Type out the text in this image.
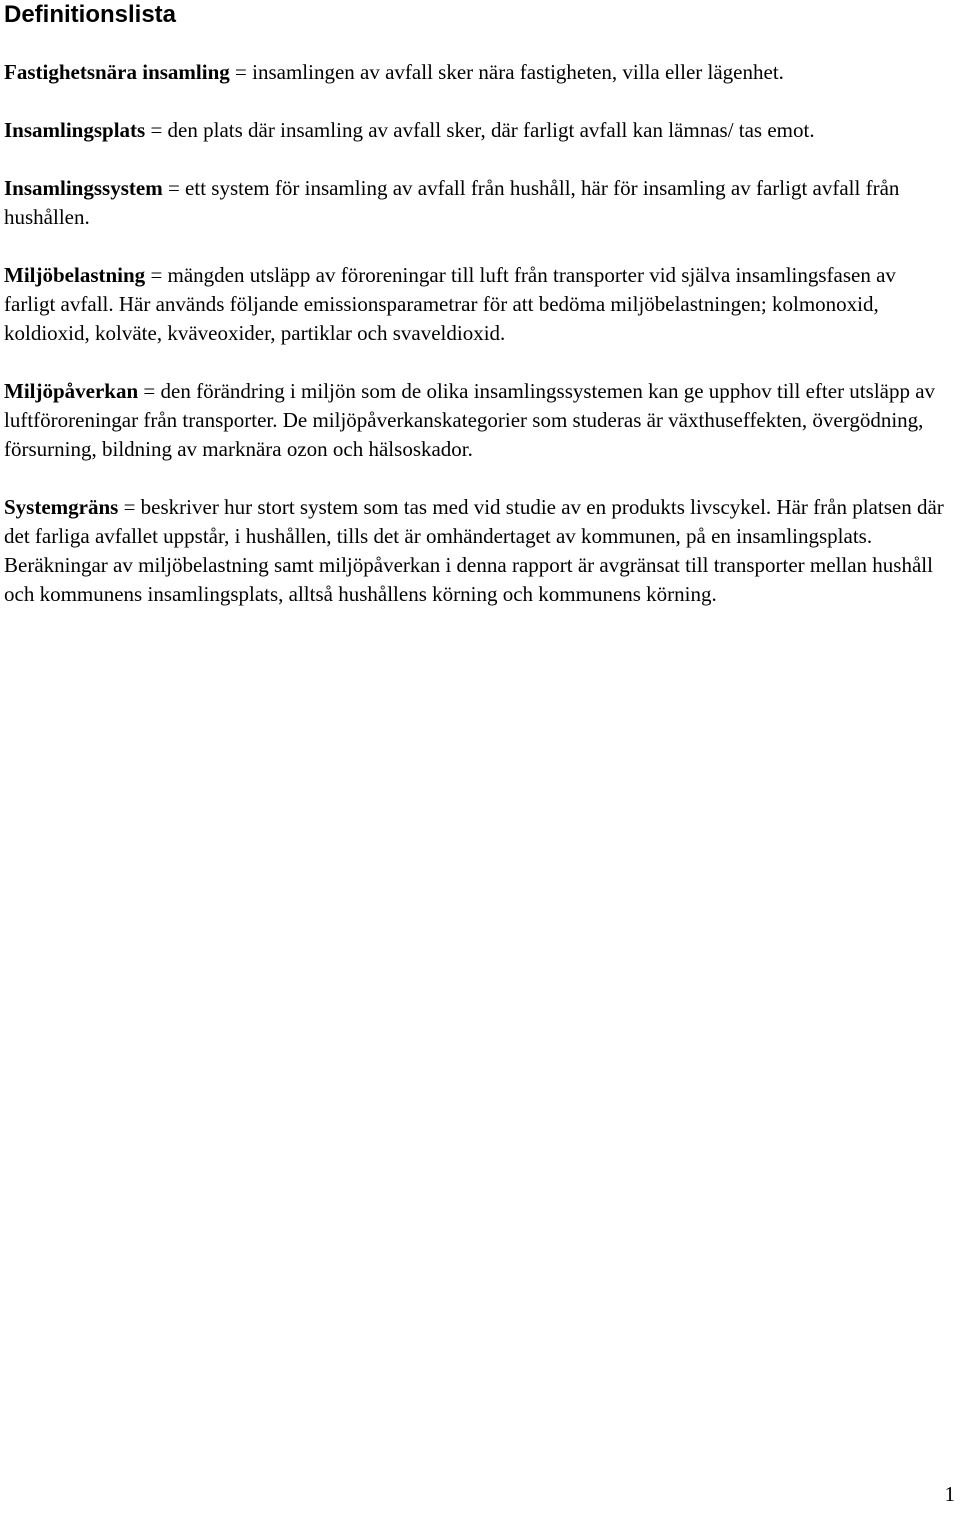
Definitionslista

Fastighetsnära insamling = insamlingen av avfall sker nära fastigheten, villa eller lägenhet.

Insamlingsplats = den plats där insamling av avfall sker, där farligt avfall kan lämnas/ tas emot.

Insamlingssystem = ett system för insamling av avfall från hushåll, här för insamling av farligt avfall från hushållen.

Miljöbelastning = mängden utsläpp av föroreningar till luft från transporter vid själva insamlingsfasen av farligt avfall. Här används följande emissionsparametrar för att bedöma miljöbelastningen; kolmonoxid, koldioxid, kolväte, kväveoxider, partiklar och svaveldioxid.

Miljöpåverkan = den förändring i miljön som de olika insamlingssystemen kan ge upphov till efter utsläpp av luftföroreningar från transporter. De miljöpåverkanskategorier som studeras är växthuseffekten, övergödning, försurning, bildning av marknära ozon och hälsoskador.

Systemgräns = beskriver hur stort system som tas med vid studie av en produkts livscykel. Här från platsen där det farliga avfallet uppstår, i hushållen, tills det är omhändertaget av kommunen, på en insamlingsplats. Beräkningar av miljöbelastning samt miljöpåverkan i denna rapport är avgränsat till transporter mellan hushåll och kommunens insamlingsplats, alltså hushållens körning och kommunens körning.

1
